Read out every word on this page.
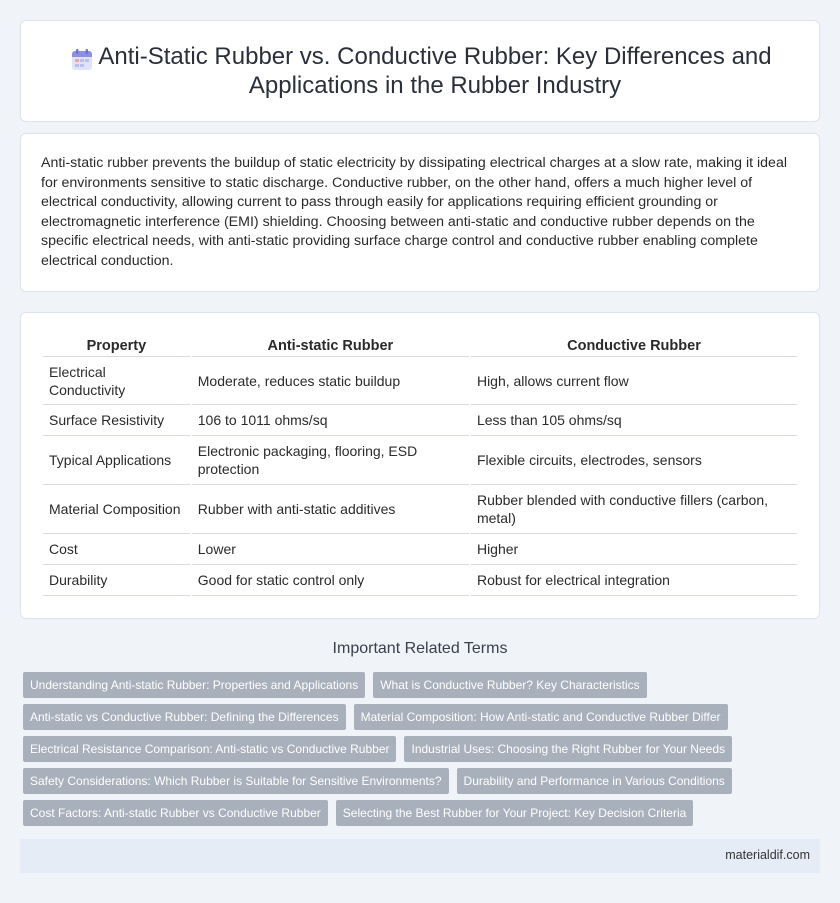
Anti-Static Rubber vs. Conductive Rubber: Key Differences and Applications in the Rubber Industry

Anti-static rubber prevents the buildup of static electricity by dissipating electrical charges at a slow rate, making it ideal for environments sensitive to static discharge. Conductive rubber, on the other hand, offers a much higher level of electrical conductivity, allowing current to pass through easily for applications requiring efficient grounding or electromagnetic interference (EMI) shielding. Choosing between anti-static and conductive rubber depends on the specific electrical needs, with anti-static providing surface charge control and conductive rubber enabling complete electrical conduction.

Property	Anti-static Rubber	Conductive Rubber
Electrical Conductivity	Moderate, reduces static buildup	High, allows current flow
Surface Resistivity	106 to 1011 ohms/sq	Less than 105 ohms/sq
Typical Applications	Electronic packaging, flooring, ESD protection	Flexible circuits, electrodes, sensors
Material Composition	Rubber with anti-static additives	Rubber blended with conductive fillers (carbon, metal)
Cost	Lower	Higher
Durability	Good for static control only	Robust for electrical integration
Important Related Terms
Understanding Anti-static Rubber: Properties and Applications	What is Conductive Rubber? Key Characteristics
Anti-static vs Conductive Rubber: Defining the Differences	Material Composition: How Anti-static and Conductive Rubber Differ
Electrical Resistance Comparison: Anti-static vs Conductive Rubber	Industrial Uses: Choosing the Right Rubber for Your Needs
Safety Considerations: Which Rubber is Suitable for Sensitive Environments?	Durability and Performance in Various Conditions
Cost Factors: Anti-static Rubber vs Conductive Rubber	Selecting the Best Rubber for Your Project: Key Decision Criteria
materialdif.com
